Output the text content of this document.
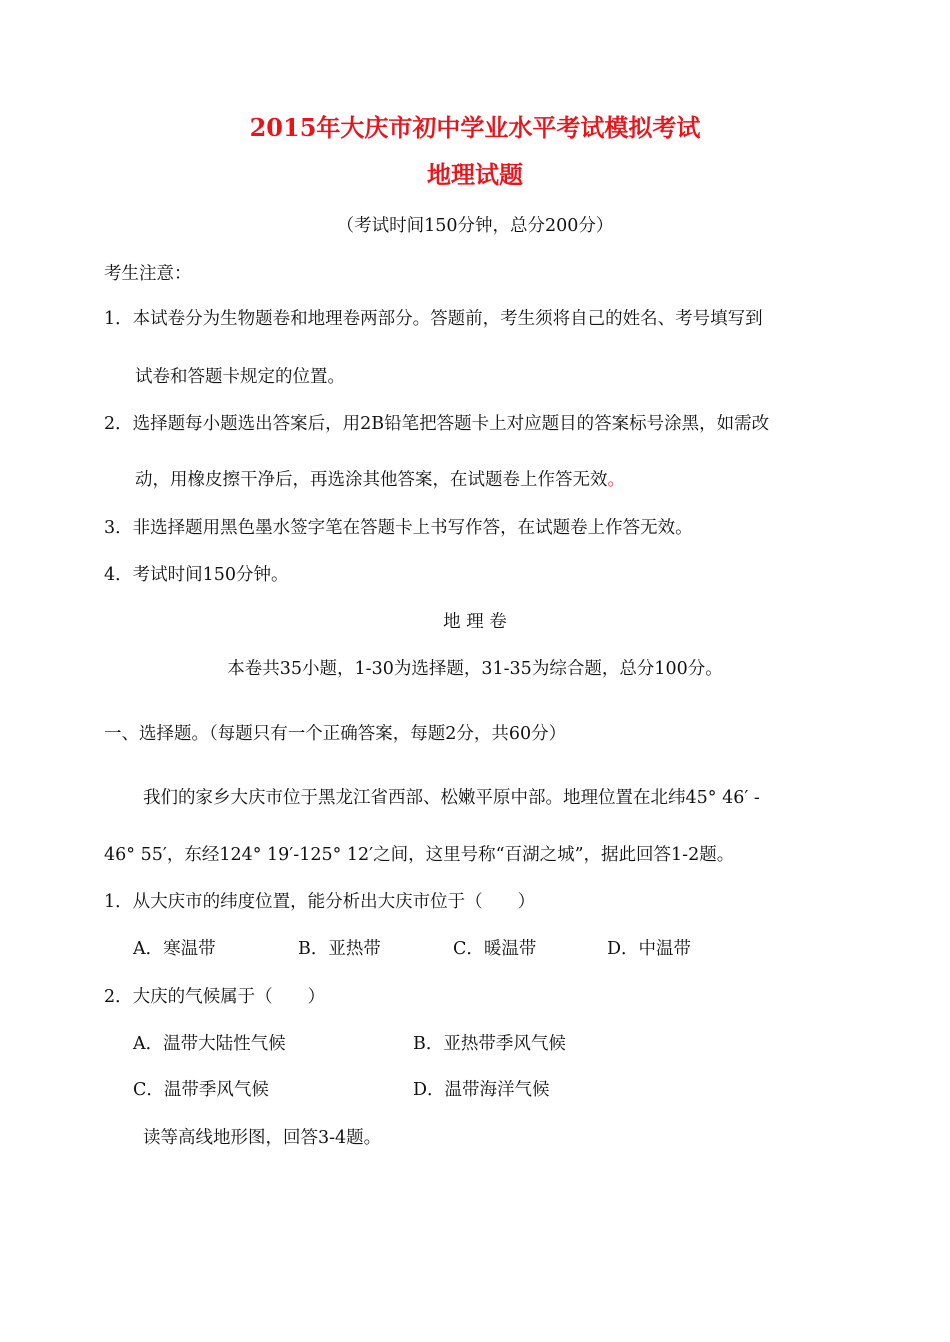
2015年大庆市初中学业水平考试模拟考试
地理试题
（考试时间150分钟，总分200分）
考生注意：
1．本试卷分为生物题卷和地理卷两部分。答题前，考生须将自己的姓名、考号填写到
试卷和答题卡规定的位置。
2．选择题每小题选出答案后，用2B铅笔把答题卡上对应题目的答案标号涂黑，如需改
动，用橡皮擦干净后，再选涂其他答案，在试题卷上作答无效。
3．非选择题用黑色墨水签字笔在答题卡上书写作答，在试题卷上作答无效。
4．考试时间150分钟。
地 理 卷
本卷共35小题，1-30为选择题，31-35为综合题，总分100分。
一、选择题。（每题只有一个正确答案，每题2分，共60分）
我们的家乡大庆市位于黑龙江省西部、松嫩平原中部。地理位置在北纬45° 46′ -
46° 55′，东经124° 19′-125° 12′之间，这里号称“百湖之城”，据此回答1-2题。
1．从大庆市的纬度位置，能分析出大庆市位于（　　）
A．寒温带	B．亚热带	C．暖温带	D．中温带
2．大庆的气候属于（　　）
A．温带大陆性气候	B．亚热带季风气候
C．温带季风气候	D．温带海洋气候
读等高线地形图，回答3-4题。
